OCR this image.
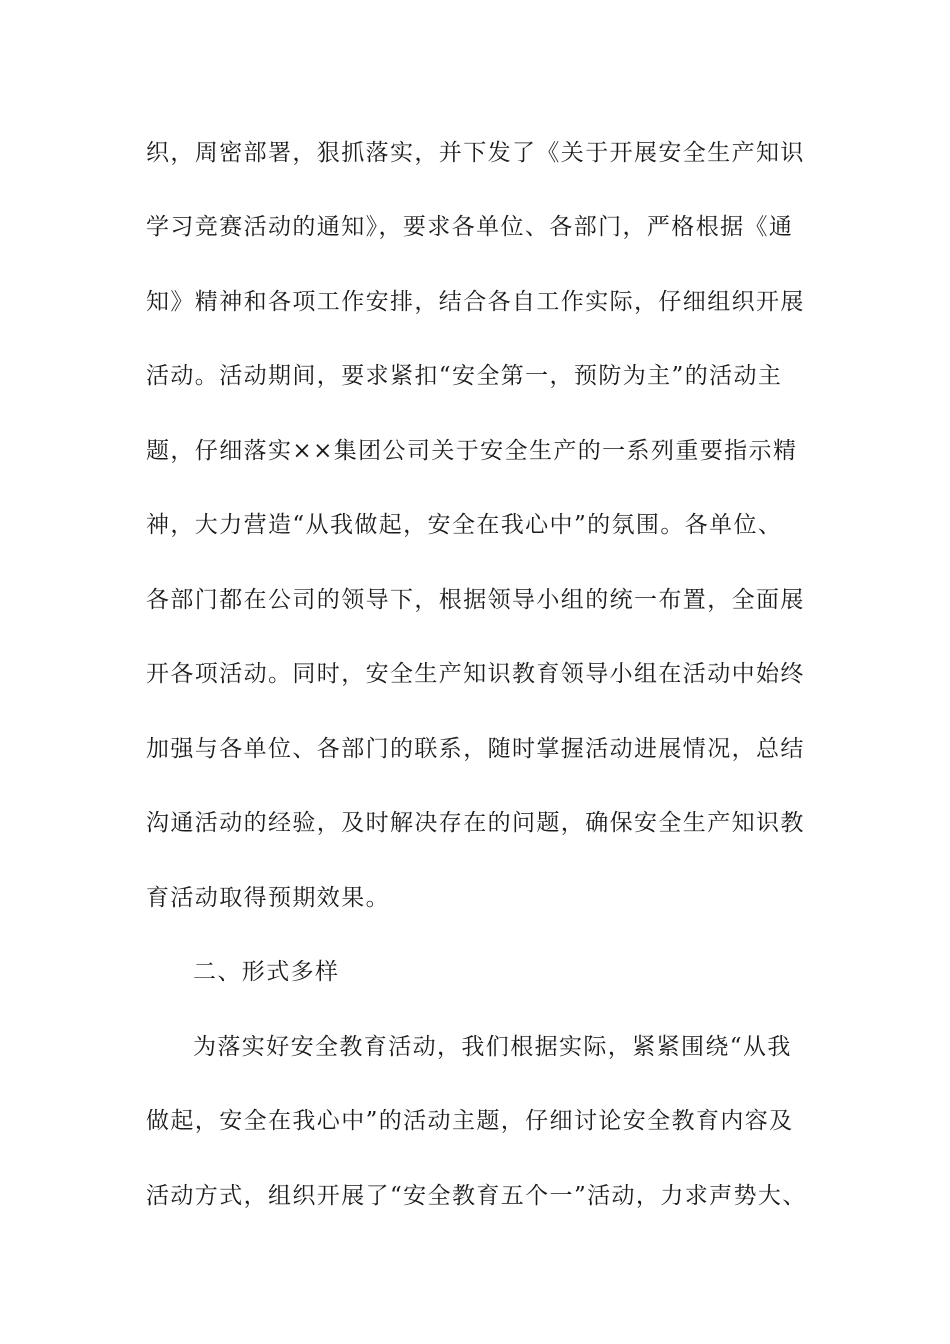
织，周密部署，狠抓落实，并下发了《关于开展安全生产知识
学习竞赛活动的通知》，要求各单位、各部门，严格根据《通
知》精神和各项工作安排，结合各自工作实际，仔细组织开展
活动。活动期间，要求紧扣“安全第一，预防为主”的活动主
题，仔细落实××集团公司关于安全生产的一系列重要指示精
神，大力营造“从我做起，安全在我心中”的氛围。各单位、
各部门都在公司的领导下，根据领导小组的统一布置，全面展
开各项活动。同时，安全生产知识教育领导小组在活动中始终
加强与各单位、各部门的联系，随时掌握活动进展情况，总结
沟通活动的经验，及时解决存在的问题，确保安全生产知识教
育活动取得预期效果。
二、形式多样
为落实好安全教育活动，我们根据实际，紧紧围绕“从我
做起，安全在我心中”的活动主题，仔细讨论安全教育内容及
活动方式，组织开展了“安全教育五个一”活动，力求声势大、
